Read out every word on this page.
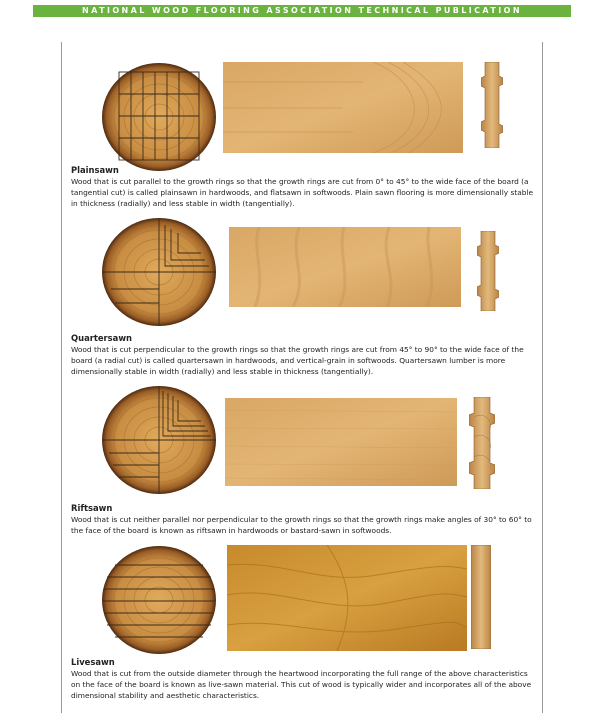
NATIONAL WOOD FLOORING ASSOCIATION TECHNICAL PUBLICATION
Plainsawn
Wood that is cut parallel to the growth rings so that the growth rings are cut from 0° to 45° to the wide face of the board (a tangential cut) is called plainsawn in hardwoods, and flatsawn in softwoods. Plain sawn flooring is more dimensionally stable in thickness (radially) and less stable in width (tangentially).
Quartersawn
Wood that is cut perpendicular to the growth rings so that the growth rings are cut from 45° to 90° to the wide face of the board (a radial cut) is called quartersawn in hardwoods, and vertical-grain in softwoods. Quartersawn lumber is more dimensionally stable in width (radially) and less stable in thickness (tangentially).
Riftsawn
Wood that is cut neither parallel nor perpendicular to the growth rings so that the growth rings make angles of 30° to 60° to the face of the board is known as riftsawn in hardwoods or bastard-sawn in softwoods.
Livesawn
Wood that is cut from the outside diameter through the heartwood incorporating the full range of the above characteristics on the face of the board is known as live-sawn material. This cut of wood is typically wider and incorporates all of the above dimensional stability and aesthetic characteristics.
